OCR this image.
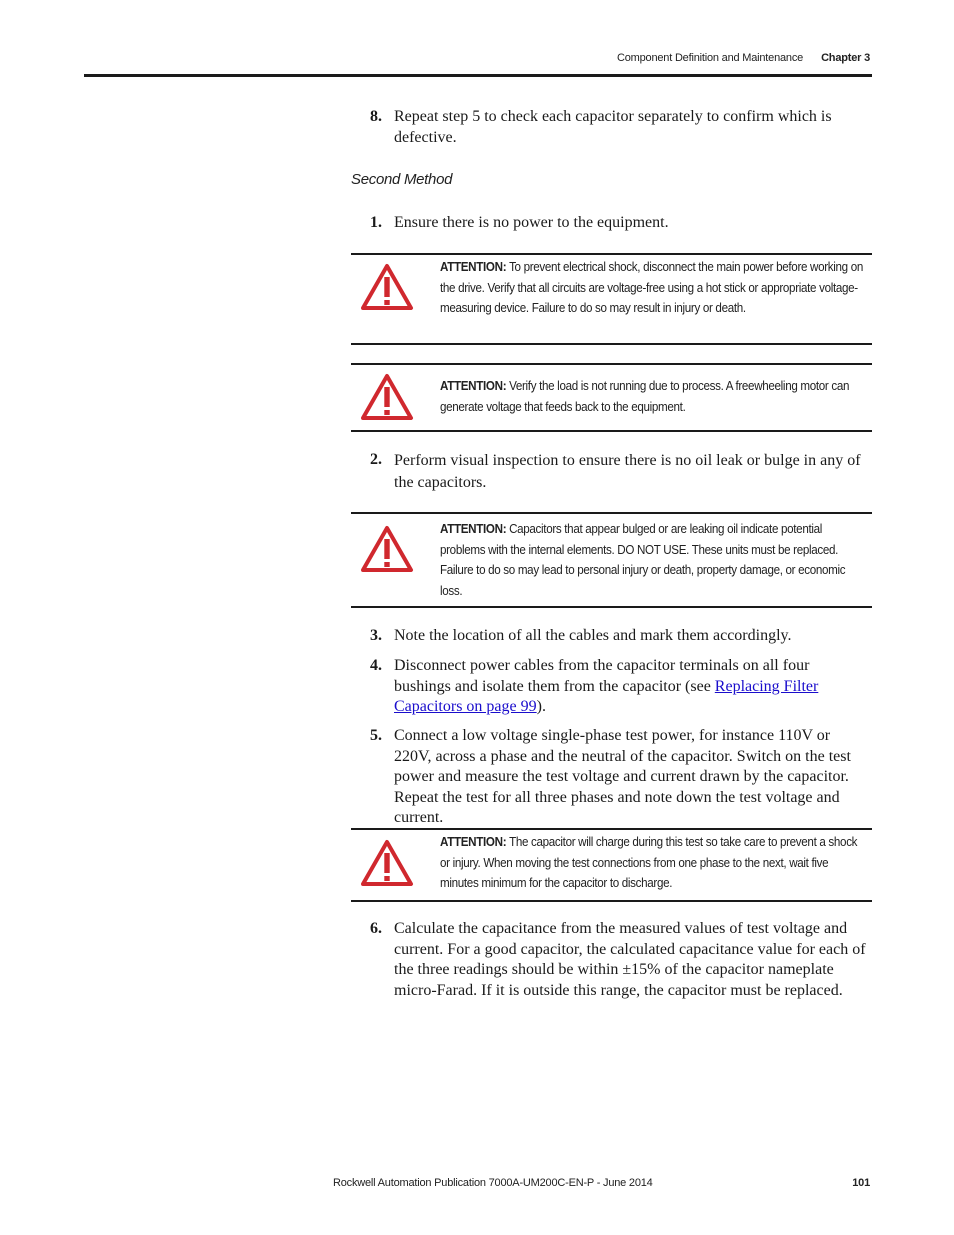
Component Definition and Maintenance Chapter 3
8. Repeat step 5 to check each capacitor separately to confirm which is defective.
Second Method
1. Ensure there is no power to the equipment.
ATTENTION: To prevent electrical shock, disconnect the main power before working on the drive. Verify that all circuits are voltage-free using a hot stick or appropriate voltage-measuring device. Failure to do so may result in injury or death.
ATTENTION: Verify the load is not running due to process. A freewheeling motor can generate voltage that feeds back to the equipment.
2. Perform visual inspection to ensure there is no oil leak or bulge in any of the capacitors.
ATTENTION: Capacitors that appear bulged or are leaking oil indicate potential problems with the internal elements. DO NOT USE. These units must be replaced. Failure to do so may lead to personal injury or death, property damage, or economic loss.
3. Note the location of all the cables and mark them accordingly.
4. Disconnect power cables from the capacitor terminals on all four bushings and isolate them from the capacitor (see Replacing Filter Capacitors on page 99).
5. Connect a low voltage single-phase test power, for instance 110V or 220V, across a phase and the neutral of the capacitor. Switch on the test power and measure the test voltage and current drawn by the capacitor. Repeat the test for all three phases and note down the test voltage and current.
ATTENTION: The capacitor will charge during this test so take care to prevent a shock or injury. When moving the test connections from one phase to the next, wait five minutes minimum for the capacitor to discharge.
6. Calculate the capacitance from the measured values of test voltage and current. For a good capacitor, the calculated capacitance value for each of the three readings should be within ±15% of the capacitor nameplate micro-Farad. If it is outside this range, the capacitor must be replaced.
Rockwell Automation Publication 7000A-UM200C-EN-P - June 2014	101
